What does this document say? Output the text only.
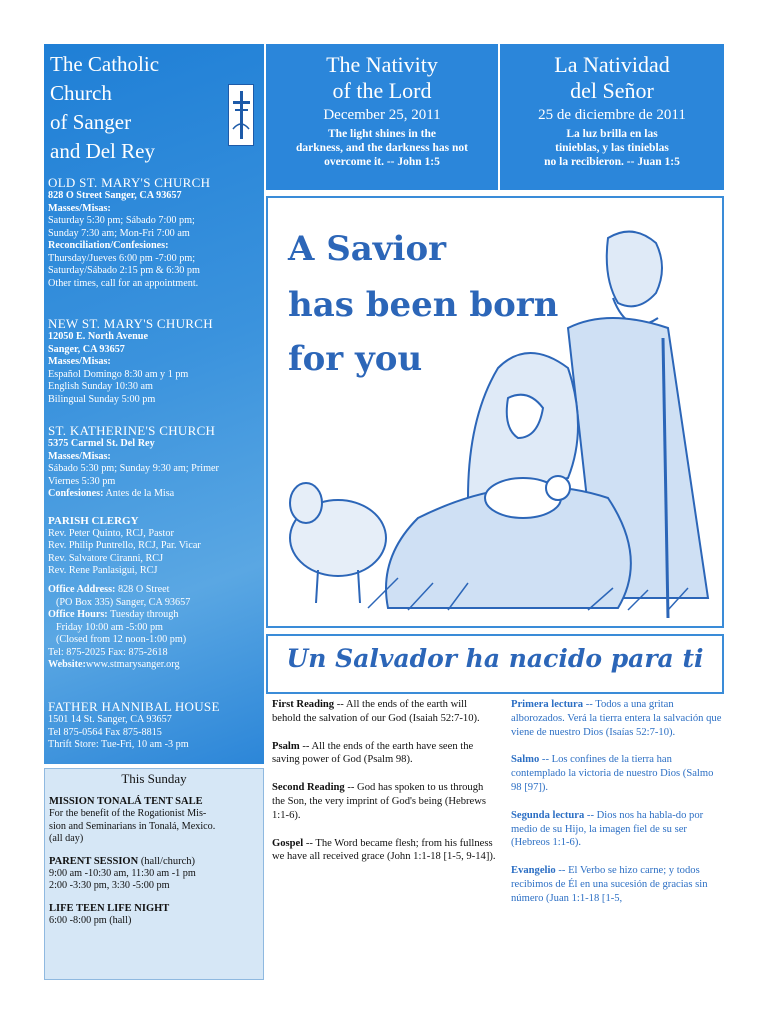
The Catholic
Church
of Sanger
and Del Rey
OLD ST. MARY'S CHURCH
828 O Street Sanger, CA 93657
Masses/Misas:
Saturday 5:30 pm; Sábado 7:00 pm;
Sunday 7:30 am; Mon-Fri 7:00 am
Reconciliation/Confesiones:
Thursday/Jueves 6:00 pm -7:00 pm;
Saturday/Sábado 2:15 pm & 6:30 pm
Other times, call for an appointment.
NEW ST. MARY'S CHURCH
12050 E. North Avenue
Sanger, CA 93657
Masses/Misas:
Español Domingo 8:30 am y 1 pm
English Sunday 10:30 am
Bilingual Sunday 5:00 pm
ST. KATHERINE'S CHURCH
5375 Carmel St. Del Rey
Masses/Misas:
Sábado 5:30 pm; Sunday 9:30 am; Primer
Viernes 5:30 pm
Confesiones: Antes de la Misa
PARISH CLERGY
Rev. Peter Quinto, RCJ, Pastor
Rev. Philip Puntrello, RCJ, Par. Vicar
Rev. Salvatore Ciranni, RCJ
Rev. Rene Panlasigui, RCJ
Office Address: 828 O Street
(PO Box 335) Sanger, CA 93657
Office Hours: Tuesday through
Friday 10:00 am -5:00 pm
(Closed from 12 noon-1:00 pm)
Tel: 875-2025 Fax: 875-2618
Website:www.stmarysanger.org
FATHER HANNIBAL HOUSE
1501 14 St. Sanger, CA 93657
Tel 875-0564 Fax 875-8815
Thrift Store: Tue-Fri, 10 am -3 pm
This Sunday
MISSION TONALÁ TENT SALE
For the benefit of the Rogationist Mis-
sion and Seminarians in Tonalá, Mexico.
(all day)
PARENT SESSION (hall/church)
9:00 am -10:30 am, 11:30 am -1 pm
2:00 -3:30 pm, 3:30 -5:00 pm
LIFE TEEN LIFE NIGHT
6:00 -8:00 pm (hall)
The Nativity
of the Lord
December 25, 2011
The light shines in the
darkness, and the darkness has not
overcome it. -- John 1:5
La Natividad
del Señor
25 de diciembre de 2011
La luz brilla en las
tinieblas, y las tinieblas
no la recibieron. -- Juan 1:5
A Savior
has been born
for you
Un Salvador ha nacido para ti
First Reading -- All the ends of the earth will behold the salvation of our God (Isaiah 52:7-10).
Psalm -- All the ends of the earth have seen the saving power of God (Psalm 98).
Second Reading -- God has spoken to us through the Son, the very imprint of God's being (Hebrews 1:1-6).
Gospel -- The Word became flesh; from his fullness we have all received grace (John 1:1-18 [1-5, 9-14]).
Primera lectura -- Todos a una gritan alborozados. Verá la tierra entera la salvación que viene de nuestro Dios (Isaías 52:7-10).
Salmo -- Los confines de la tierra han contemplado la victoria de nuestro Dios (Salmo 98 [97]).
Segunda lectura -- Dios nos ha habla-do por medio de su Hijo, la imagen fiel de su ser (Hebreos 1:1-6).
Evangelio -- El Verbo se hizo carne; y todos recibimos de Él en una sucesión de gracias sin número (Juan 1:1-18 [1-5,
